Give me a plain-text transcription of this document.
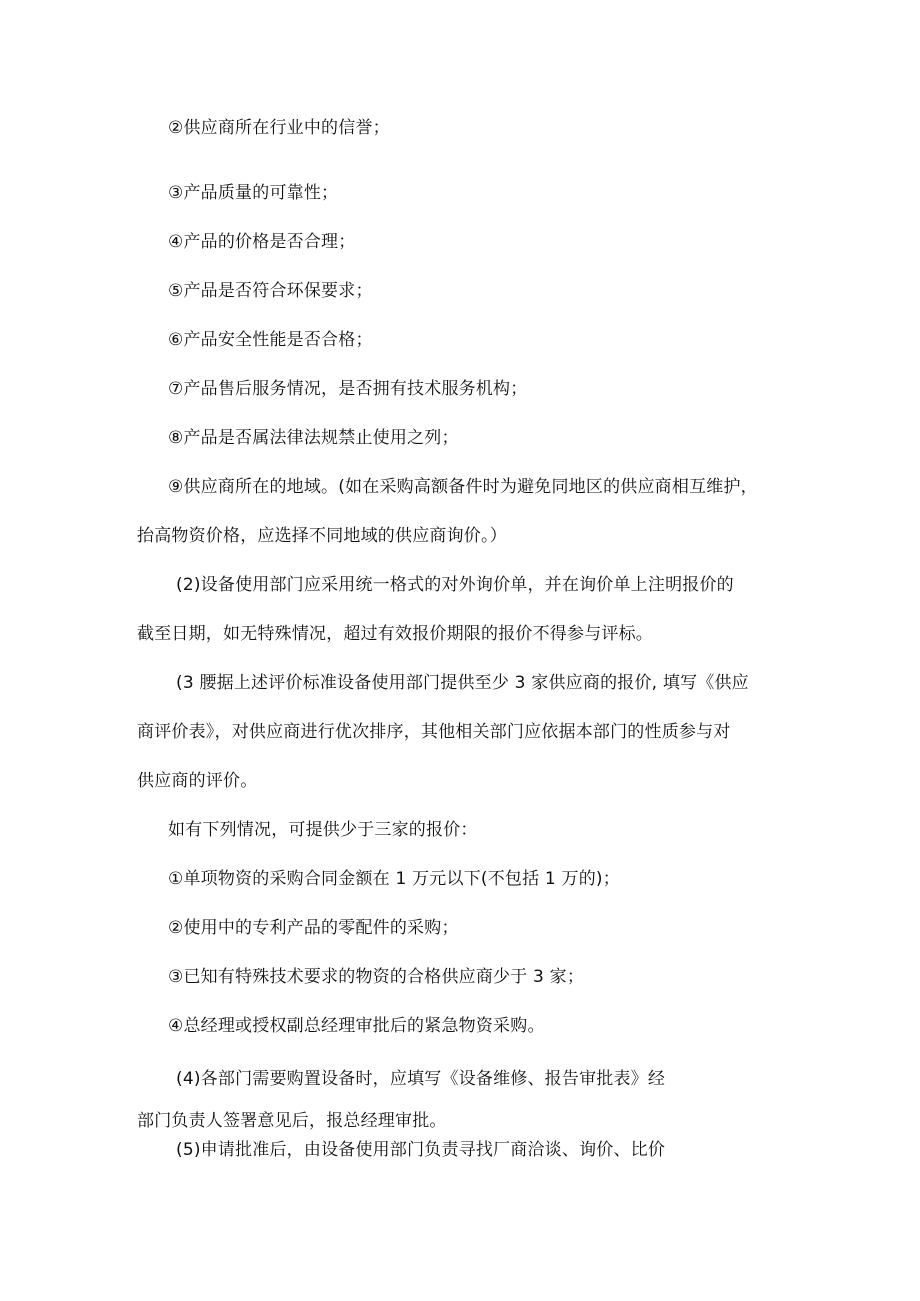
②供应商所在行业中的信誉；

③产品质量的可靠性；

④产品的价格是否合理；

⑤产品是否符合环保要求；

⑥产品安全性能是否合格；

⑦产品售后服务情况，是否拥有技术服务机构；

⑧产品是否属法律法规禁止使用之列；

⑨供应商所在的地域。(如在采购高额备件时为避免同地区的供应商相互维护，

抬高物资价格，应选择不同地域的供应商询价。）

(2)设备使用部门应采用统一格式的对外询价单，并在询价单上注明报价的

截至日期，如无特殊情况，超过有效报价期限的报价不得参与评标。

(3 腰据上述评价标准设备使用部门提供至少 3 家供应商的报价, 填写《供应

商评价表》，对供应商进行优次排序，其他相关部门应依据本部门的性质参与对

供应商的评价。

如有下列情况，可提供少于三家的报价：

①单项物资的采购合同金额在 1 万元以下(不包括 1 万的)；

②使用中的专利产品的零配件的采购；

③已知有特殊技术要求的物资的合格供应商少于 3 家；

④总经理或授权副总经理审批后的紧急物资采购。

(4)各部门需要购置设备时，应填写《设备维修、报告审批表》经

部门负责人签署意见后，报总经理审批。

(5)申请批准后，由设备使用部门负责寻找厂商洽谈、询价、比价
